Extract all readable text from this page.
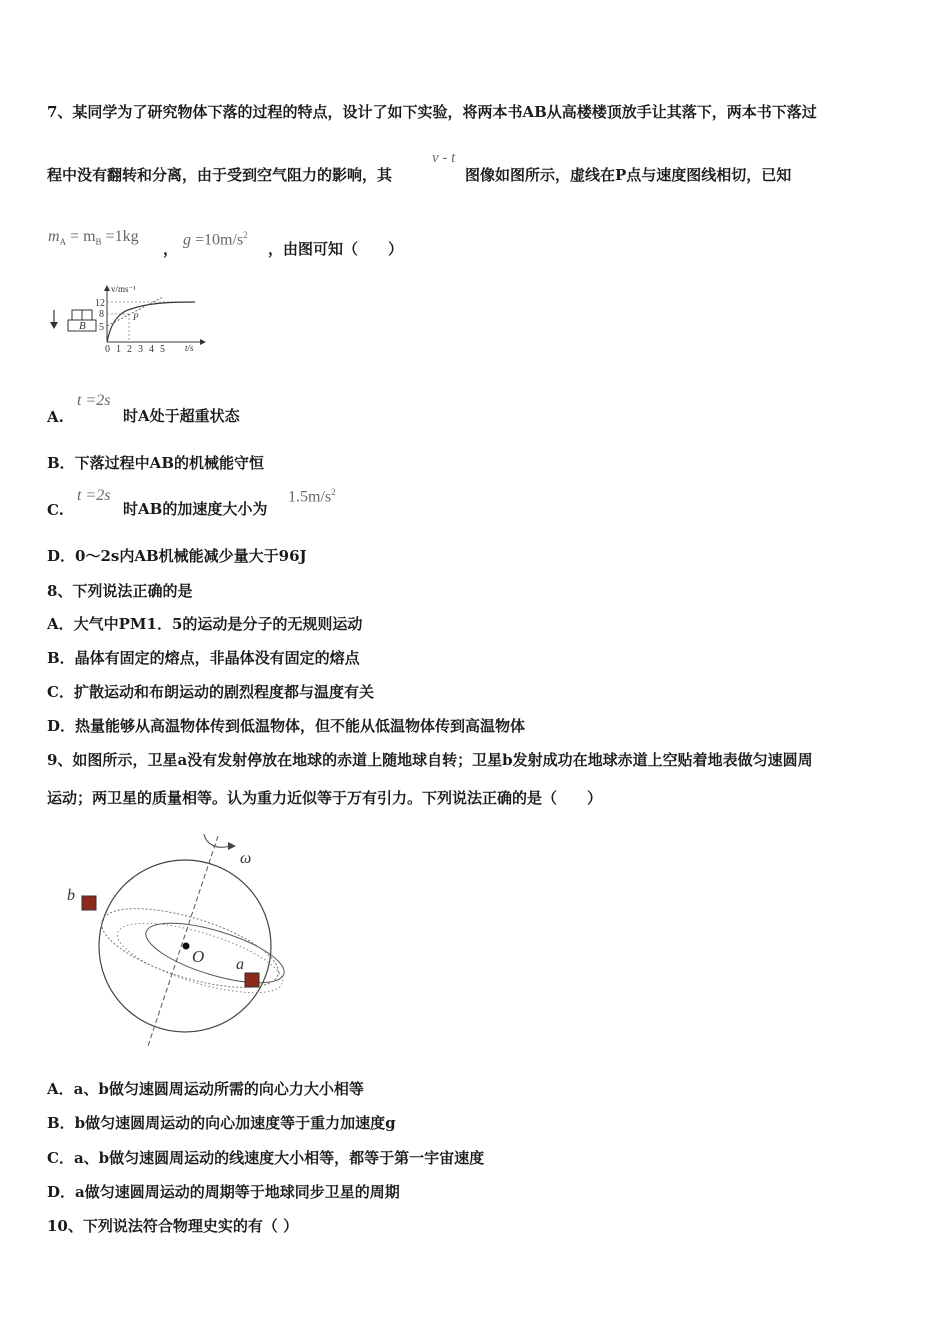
7、某同学为了研究物体下落的过程的特点，设计了如下实验，将两本书AB从高楼楼顶放手让其落下，两本书下落过
程中没有翻转和分离，由于受到空气阻力的影响，其
v - t
图像如图所示，虚线在P点与速度图线相切，已知
$m_A = m_B =1kg$
，
$g =10m/s^2$
，由图可知（　　）
B
v/ms⁻¹
t/s
12
8
5
0 1 2 3 4 5
P
A.
t =2s
时A处于超重状态
B．下落过程中AB的机械能守恒
C.
t =2s
时AB的加速度大小为
$1.5m/s^2$
D．0～2s内AB机械能减少量大于96J
8、下列说法正确的是
A．大气中PM1．5的运动是分子的无规则运动
B．晶体有固定的熔点，非晶体没有固定的熔点
C．扩散运动和布朗运动的剧烈程度都与温度有关
D．热量能够从高温物体传到低温物体，但不能从低温物体传到高温物体
9、如图所示，卫星a没有发射停放在地球的赤道上随地球自转；卫星b发射成功在地球赤道上空贴着地表做匀速圆周
运动；两卫星的质量相等。认为重力近似等于万有引力。下列说法正确的是（　　）
ω
O
b
a
A．a、b做匀速圆周运动所需的向心力大小相等
B．b做匀速圆周运动的向心加速度等于重力加速度g
C．a、b做匀速圆周运动的线速度大小相等，都等于第一宇宙速度
D．a做匀速圆周运动的周期等于地球同步卫星的周期
10、下列说法符合物理史实的有（ ）
